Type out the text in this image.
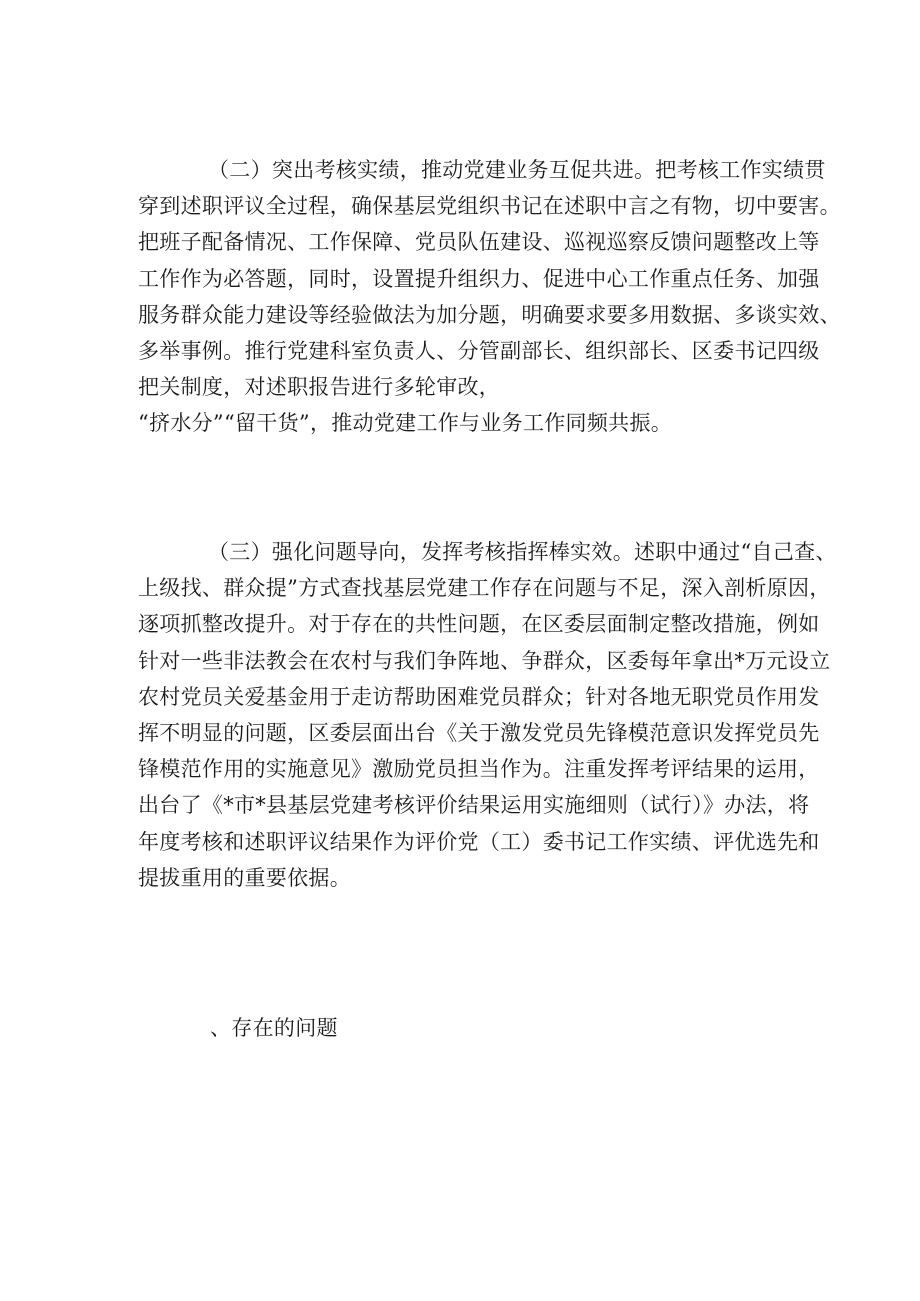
（二）突出考核实绩，推动党建业务互促共进。把考核工作实绩贯
穿到述职评议全过程，确保基层党组织书记在述职中言之有物，切中要害。
把班子配备情况、工作保障、党员队伍建设、巡视巡察反馈问题整改上等
工作作为必答题，同时，设置提升组织力、促进中心工作重点任务、加强
服务群众能力建设等经验做法为加分题，明确要求要多用数据、多谈实效、
多举事例。推行党建科室负责人、分管副部长、组织部长、区委书记四级
把关制度，对述职报告进行多轮审改，
“挤水分”“留干货”，推动党建工作与业务工作同频共振。
（三）强化问题导向，发挥考核指挥棒实效。述职中通过“自己查、
上级找、群众提”方式查找基层党建工作存在问题与不足，深入剖析原因，
逐项抓整改提升。对于存在的共性问题，在区委层面制定整改措施，例如
针对一些非法教会在农村与我们争阵地、争群众，区委每年拿出*万元设立
农村党员关爱基金用于走访帮助困难党员群众；针对各地无职党员作用发
挥不明显的问题，区委层面出台《关于激发党员先锋模范意识发挥党员先
锋模范作用的实施意见》激励党员担当作为。注重发挥考评结果的运用，
出台了《*市*县基层党建考核评价结果运用实施细则（试行）》办法，将
年度考核和述职评议结果作为评价党（工）委书记工作实绩、评优选先和
提拔重用的重要依据。

、存在的问题
